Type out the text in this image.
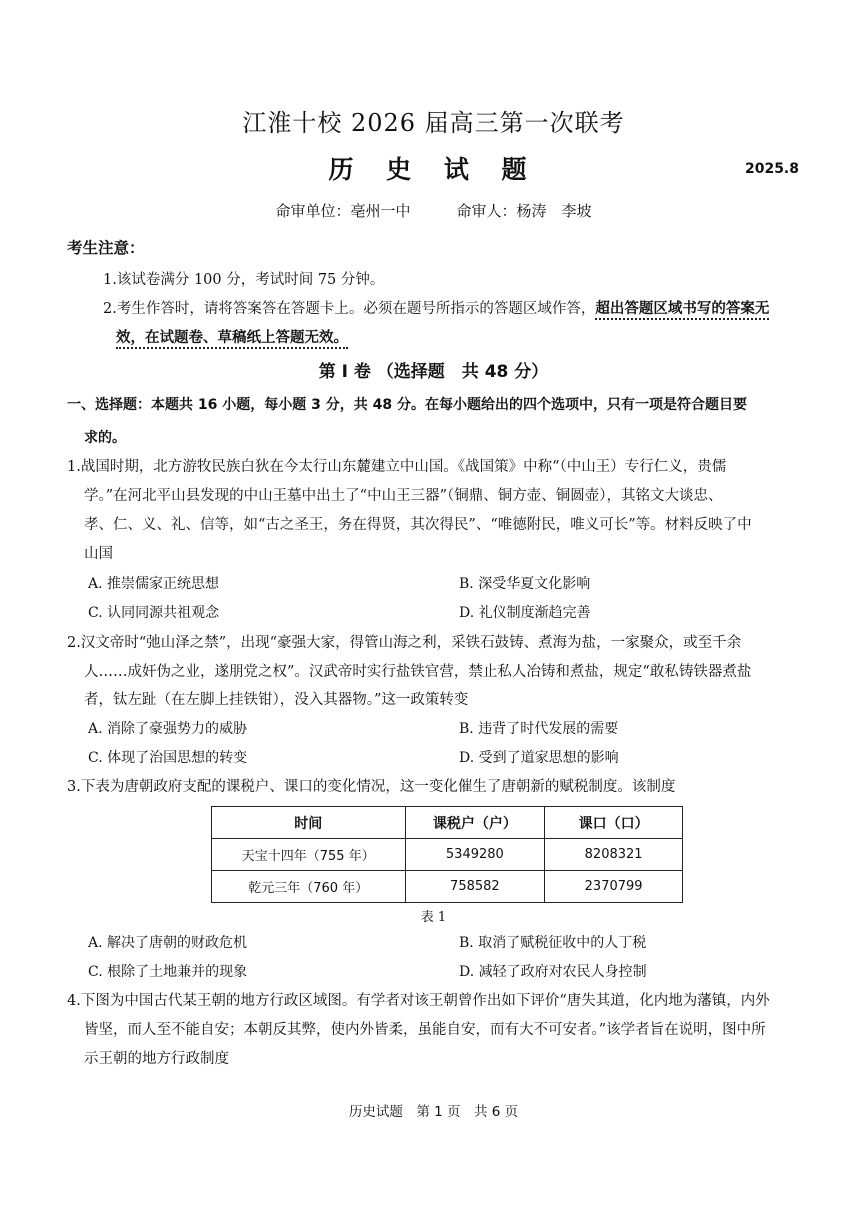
江淮十校 2026 届高三第一次联考
历 史 试 题	2025.8
命审单位：亳州一中	命审人：杨涛　李坡
考生注意：
1.该试卷满分 100 分，考试时间 75 分钟。
2.考生作答时，请将答案答在答题卡上。必须在题号所指示的答题区域作答，超出答题区域书写的答案无
效，在试题卷、草稿纸上答题无效。
第 I 卷 （选择题　共 48 分）
一、选择题：本题共 16 小题，每小题 3 分，共 48 分。在每小题给出的四个选项中，只有一项是符合题目要
求的。
1.战国时期，北方游牧民族白狄在今太行山东麓建立中山国。《战国策》中称“（中山王）专行仁义，贵儒
学。”在河北平山县发现的中山王墓中出土了“中山王三器”（铜鼎、铜方壶、铜圆壶），其铭文大谈忠、
孝、仁、义、礼、信等，如“古之圣王，务在得贤，其次得民”、“唯德附民，唯义可长”等。材料反映了中
山国
A. 推崇儒家正统思想	B. 深受华夏文化影响
C. 认同同源共祖观念	D. 礼仪制度渐趋完善
2.汉文帝时“弛山泽之禁”，出现“豪强大家，得管山海之利，采铁石鼓铸、煮海为盐，一家聚众，或至千余
人……成奸伪之业，遂朋党之权”。汉武帝时实行盐铁官营，禁止私人冶铸和煮盐，规定“敢私铸铁器煮盐
者，钛左趾（在左脚上挂铁钳），没入其器物。”这一政策转变
A. 消除了豪强势力的威胁	B. 违背了时代发展的需要
C. 体现了治国思想的转变	D. 受到了道家思想的影响
3.下表为唐朝政府支配的课税户、课口的变化情况，这一变化催生了唐朝新的赋税制度。该制度
时间	课税户（户）	课口（口）
天宝十四年（755 年）	5349280	8208321
乾元三年（760 年）	758582	2370799
表 1
A. 解决了唐朝的财政危机	B. 取消了赋税征收中的人丁税
C. 根除了土地兼并的现象	D. 减轻了政府对农民人身控制
4.下图为中国古代某王朝的地方行政区域图。有学者对该王朝曾作出如下评价“唐失其道，化内地为藩镇，内外
皆坚，而人至不能自安；本朝反其弊，使内外皆柔，虽能自安，而有大不可安者。”该学者旨在说明，图中所
示王朝的地方行政制度
历史试题　第 1 页　共 6 页
